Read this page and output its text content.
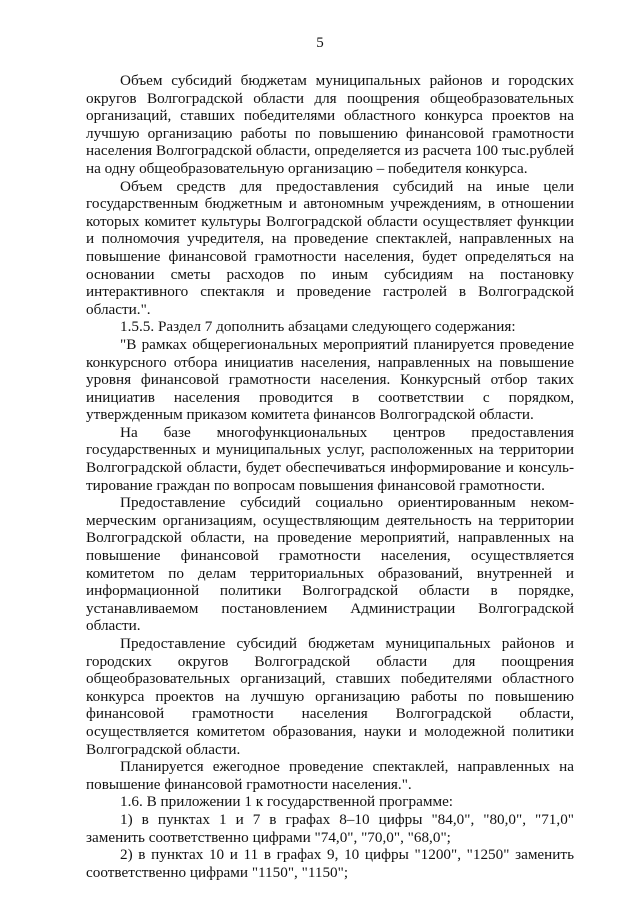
5

Объем субсидий бюджетам муниципальных районов и городских округов Волгоградской области для поощрения общеобразовательных организаций, ставших победителями областного конкурса проектов на лучшую организацию работы по повышению финансовой грамотности населения Волгоградской области, определяется из расчета 100 тыс.рублей на одну общеобразовательную организацию – победителя конкурса.

Объем средств для предоставления субсидий на иные цели государственным бюджетным и автономным учреждениям, в отношении которых комитет культуры Волгоградской области осуществляет функции и полномочия учредителя, на проведение спектаклей, направленных на повышение финансовой грамотности населения, будет определяться на основании сметы расходов по иным субсидиям на постановку интерактивного спектакля и проведение гастролей в Волгоградской области.".

1.5.5. Раздел 7 дополнить абзацами следующего содержания:

"В рамках общерегиональных мероприятий планируется проведение конкурсного отбора инициатив населения, направленных на повышение уровня финансовой грамотности населения. Конкурсный отбор таких инициатив населения проводится в соответствии с порядком, утвержденным приказом комитета финансов Волгоградской области.

На базе многофункциональных центров предоставления государственных и муниципальных услуг, расположенных на территории Волгоградской области, будет обеспечиваться информирование и консультирование граждан по вопросам повышения финансовой грамотности.

Предоставление субсидий социально ориентированным некоммерческим организациям, осуществляющим деятельность на территории Волгоградской области, на проведение мероприятий, направленных на повышение финансовой грамотности населения, осуществляется комитетом по делам территориальных образований, внутренней и информационной политики Волгоградской области в порядке, устанавливаемом постановлением Администрации Волгоградской области.

Предоставление субсидий бюджетам муниципальных районов и городских округов Волгоградской области для поощрения общеобразовательных организаций, ставших победителями областного конкурса проектов на лучшую организацию работы по повышению финансовой грамотности населения Волгоградской области, осуществляется комитетом образования, науки и молодежной политики Волгоградской области.

Планируется ежегодное проведение спектаклей, направленных на повышение финансовой грамотности населения.".

1.6. В приложении 1 к государственной программе:

1) в пунктах 1 и 7 в графах 8–10 цифры "84,0", "80,0", "71,0" заменить соответственно цифрами "74,0", "70,0", "68,0";

2) в пунктах 10 и 11 в графах 9, 10 цифры "1200", "1250" заменить соответственно цифрами "1150", "1150";
